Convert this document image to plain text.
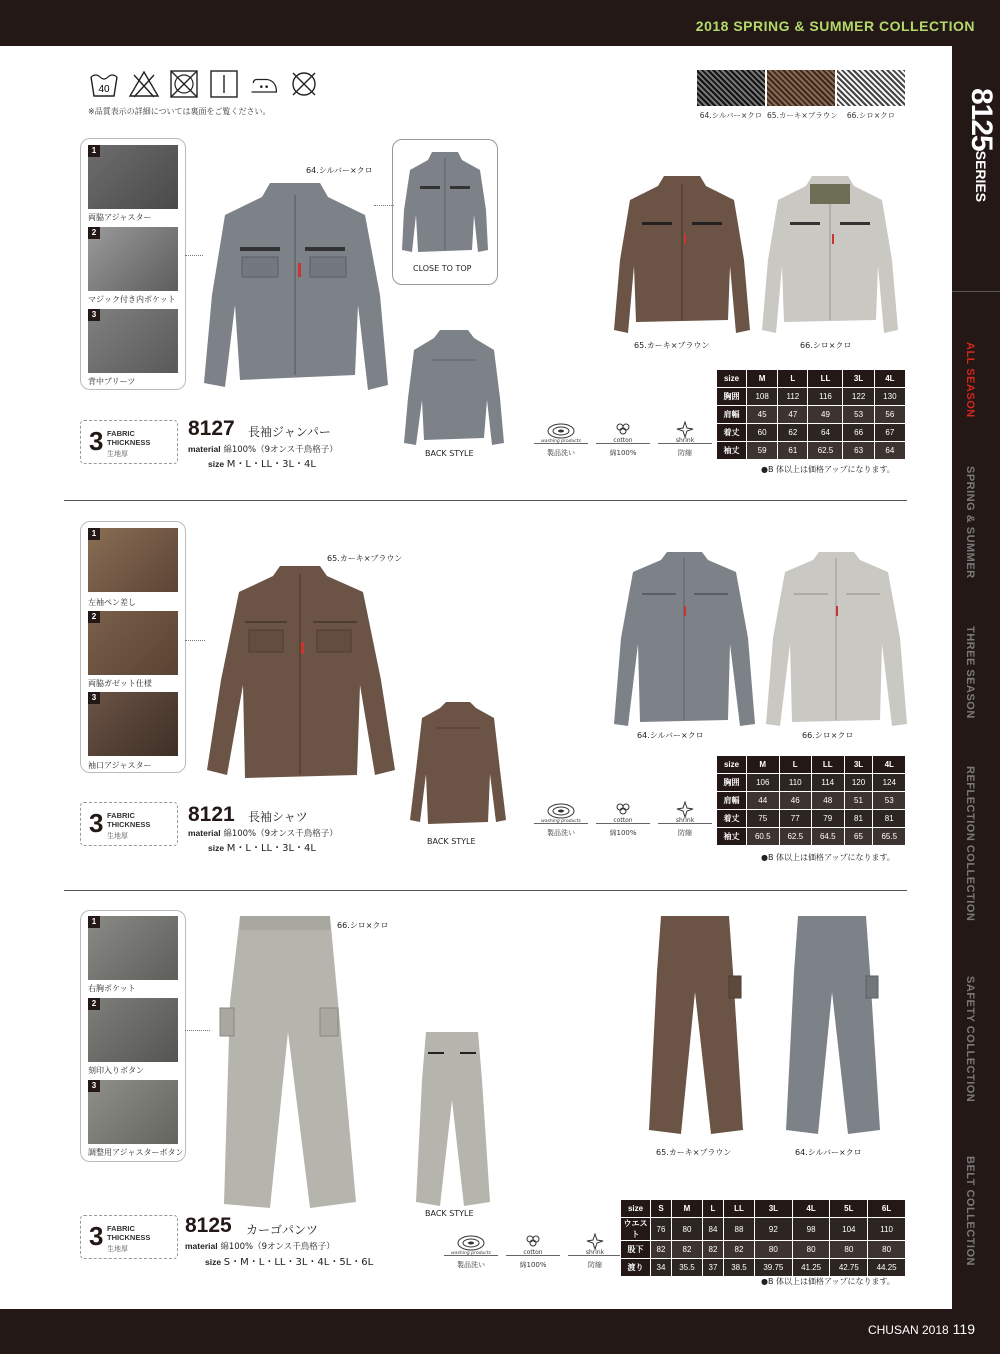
2018 SPRING & SUMMER COLLECTION
8125SERIES
ALL SEASON
SPRING & SUMMER
THREE SEASON
REFLECTION COLLECTION
SAFETY COLLECTION
BELT COLLECTION
40
※品質表示の詳細については裏面をご覧ください。	64.シルバー×クロ 65.カーキ×ブラウン	66.シロ×クロ
1
両脇アジャスター
2
マジック付き内ポケット
3
背中プリーツ
64.シルバー×クロ
CLOSE TO TOP
BACK STYLE
65.カーキ×ブラウン	66.シロ×クロ
3 FABRIC
THICKNESS
生地厚
8127 長袖ジャンパー
material 綿100%（9オンス千鳥格子）
size M・L・LL・3L・4L
washing products
製品洗い
cotton
綿100%
shrink
防縮
size	M	L	LL	3L	4L
胸囲	108	112	116	122	130
肩幅	45	47	49	53	56
着丈	60	62	64	66	67
袖丈	59	61	62.5	63	64
●B 体以上は価格アップになります。
1
左袖ペン差し
2
両脇ガゼット仕様
3
袖口アジャスター
65.カーキ×ブラウン
BACK STYLE
64.シルバー×クロ	66.シロ×クロ
3 FABRIC
THICKNESS
生地厚
8121 長袖シャツ
material 綿100%（9オンス千鳥格子）
size M・L・LL・3L・4L
washing products
製品洗い
cotton
綿100%
shrink
防縮
size	M	L	LL	3L	4L
胸囲	106	110	114	120	124
肩幅	44	46	48	51	53
着丈	75	77	79	81	81
袖丈	60.5	62.5	64.5	65	65.5
●B 体以上は価格アップになります。
1
右胸ポケット
2
刻印入りボタン
3
調整用アジャスターボタン
66.シロ×クロ
BACK STYLE
65.カーキ×ブラウン	64.シルバー×クロ
3 FABRIC
THICKNESS
生地厚
8125 カーゴパンツ
material 綿100%（9オンス千鳥格子）
size S・M・L・LL・3L・4L・5L・6L
washing products
製品洗い
cotton
綿100%
shrink
防縮
size	S	M	L	LL	3L	4L	5L	6L
ウエスト	76	80	84	88	92	98	104	110
股下	82	82	82	82	80	80	80	80
渡り	34	35.5	37	38.5	39.75	41.25	42.75	44.25
●B 体以上は価格アップになります。
CHUSAN 2018 119
